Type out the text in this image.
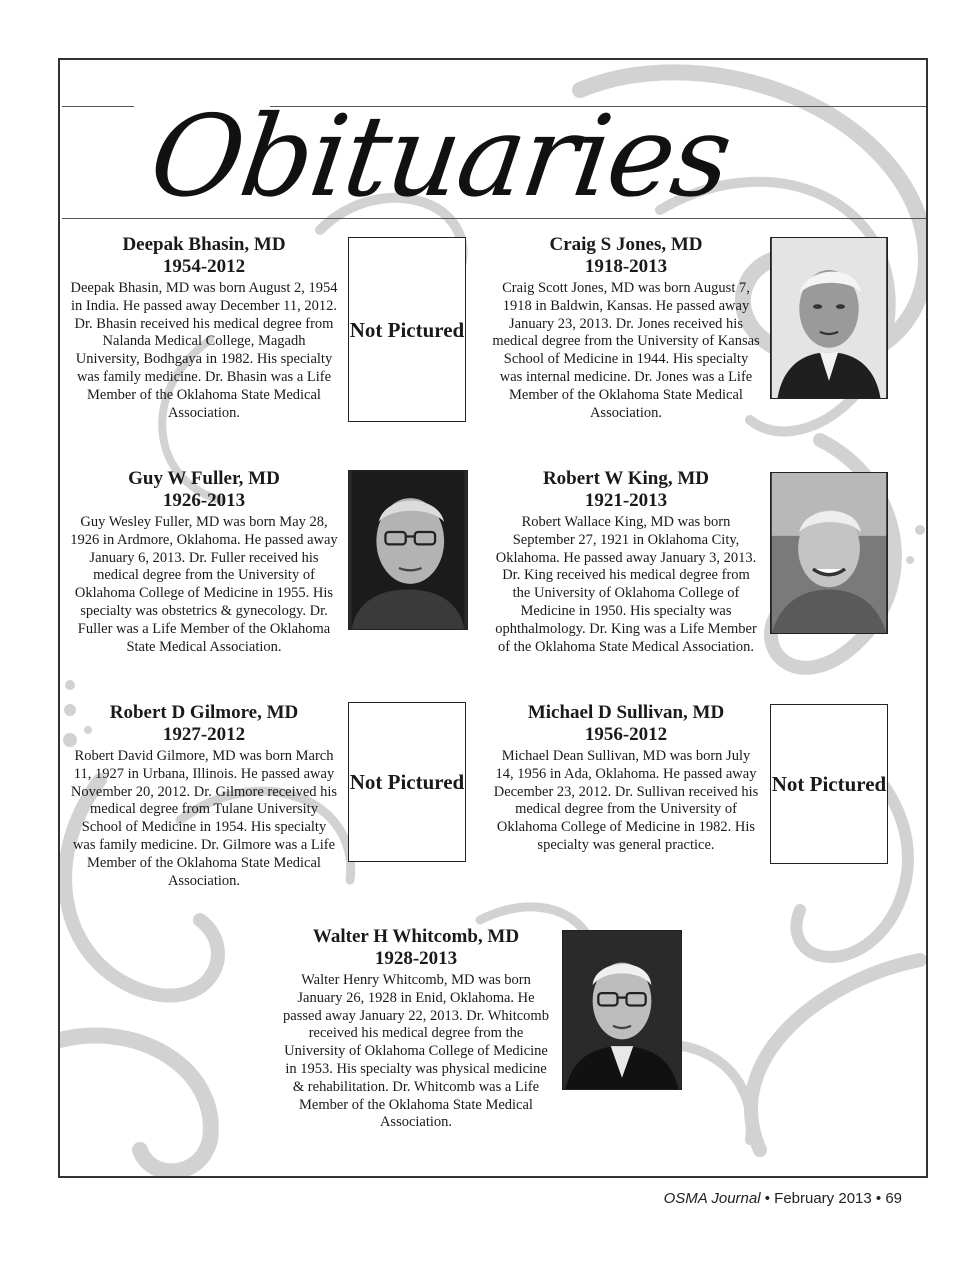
Obituaries
Deepak Bhasin, MD
1954-2012

Deepak Bhasin, MD was born August 2, 1954 in India. He passed away December 11, 2012. Dr. Bhasin received his medical degree from Nalanda Medical College, Magadh University, Bodhgaya in 1982. His specialty was family medicine. Dr. Bhasin was a Life Member of the Oklahoma State Medical Association.

Not Pictured
Craig S Jones, MD
1918-2013

Craig Scott Jones, MD was born August 7, 1918 in Baldwin, Kansas. He passed away January 23, 2013. Dr. Jones received his medical degree from the University of Kansas School of Medicine in 1944. His specialty was internal medicine. Dr. Jones was a Life Member of the Oklahoma State Medical Association.

Guy W Fuller, MD
1926-2013

Guy Wesley Fuller, MD was born May 28, 1926 in Ardmore, Oklahoma. He passed away January 6, 2013. Dr. Fuller received his medical degree from the University of Oklahoma College of Medicine in 1955. His specialty was obstetrics & gynecology. Dr. Fuller was a Life Member of the Oklahoma State Medical Association.

Robert W King, MD
1921-2013

Robert Wallace King, MD was born September 27, 1921 in Oklahoma City, Oklahoma. He passed away January 3, 2013. Dr. King received his medical degree from the University of Oklahoma College of Medicine in 1950. His specialty was ophthalmology. Dr. King was a Life Member of the Oklahoma State Medical Association.

Robert D Gilmore, MD
1927-2012

Robert David Gilmore, MD was born March 11, 1927 in Urbana, Illinois. He passed away November 20, 2012. Dr. Gilmore received his medical degree from Tulane University School of Medicine in 1954. His specialty was family medicine. Dr. Gilmore was a Life Member of the Oklahoma State Medical Association.

Not Pictured
Michael D Sullivan, MD
1956-2012

Michael Dean Sullivan, MD was born July 14, 1956 in Ada, Oklahoma. He passed away December 23, 2012. Dr. Sullivan received his medical degree from the University of Oklahoma College of Medicine in 1982. His specialty was general practice.

Not Pictured
Walter H Whitcomb, MD
1928-2013

Walter Henry Whitcomb, MD was born January 26, 1928 in Enid, Oklahoma. He passed away January 22, 2013. Dr. Whitcomb received his medical degree from the University of Oklahoma College of Medicine in 1953. His specialty was physical medicine & rehabilitation. Dr. Whitcomb was a Life Member of the Oklahoma State Medical Association.

OSMA Journal • February 2013 • 69
